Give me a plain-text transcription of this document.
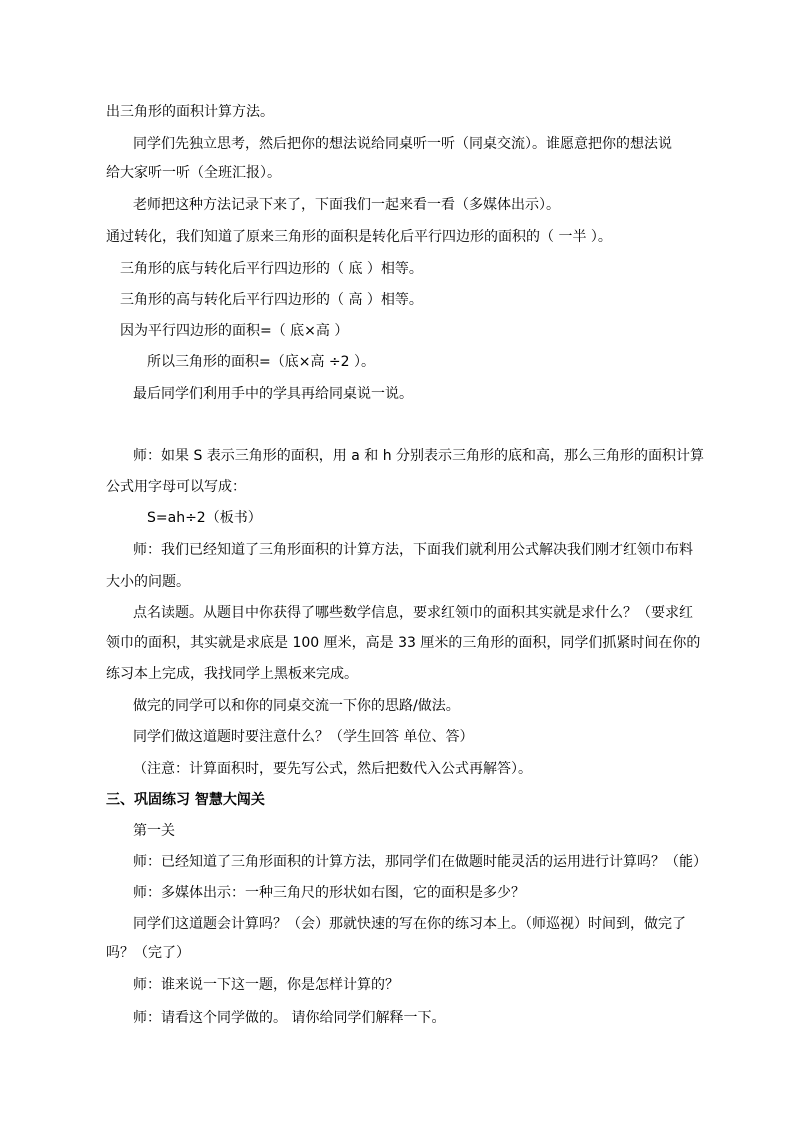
出三角形的面积计算方法。
同学们先独立思考，然后把你的想法说给同桌听一听（同桌交流）。谁愿意把你的想法说
给大家听一听（全班汇报）。
老师把这种方法记录下来了，下面我们一起来看一看（多媒体出示）。
通过转化，我们知道了原来三角形的面积是转化后平行四边形的面积的（ 一半 ）。
三角形的底与转化后平行四边形的（ 底 ）相等。
三角形的高与转化后平行四边形的（ 高 ）相等。
因为平行四边形的面积=（ 底×高 ）
所以三角形的面积=（底×高 ÷2 ）。
最后同学们利用手中的学具再给同桌说一说。
师：如果 S 表示三角形的面积，用 a 和 h 分别表示三角形的底和高，那么三角形的面积计算
公式用字母可以写成：
S=ah÷2（板书）
师：我们已经知道了三角形面积的计算方法，下面我们就利用公式解决我们刚才红领巾布料
大小的问题。
点名读题。从题目中你获得了哪些数学信息，要求红领巾的面积其实就是求什么？（要求红
领巾的面积，其实就是求底是 100 厘米，高是 33 厘米的三角形的面积，同学们抓紧时间在你的
练习本上完成，我找同学上黑板来完成。
做完的同学可以和你的同桌交流一下你的思路/做法。
同学们做这道题时要注意什么？（学生回答 单位、答）
（注意：计算面积时，要先写公式，然后把数代入公式再解答）。
三、巩固练习 智慧大闯关
第一关
师：已经知道了三角形面积的计算方法，那同学们在做题时能灵活的运用进行计算吗？（能）
师：多媒体出示：一种三角尺的形状如右图，它的面积是多少？
同学们这道题会计算吗？（会）那就快速的写在你的练习本上。（师巡视）时间到，做完了
吗？（完了）
师：谁来说一下这一题，你是怎样计算的？
师：请看这个同学做的。 请你给同学们解释一下。
